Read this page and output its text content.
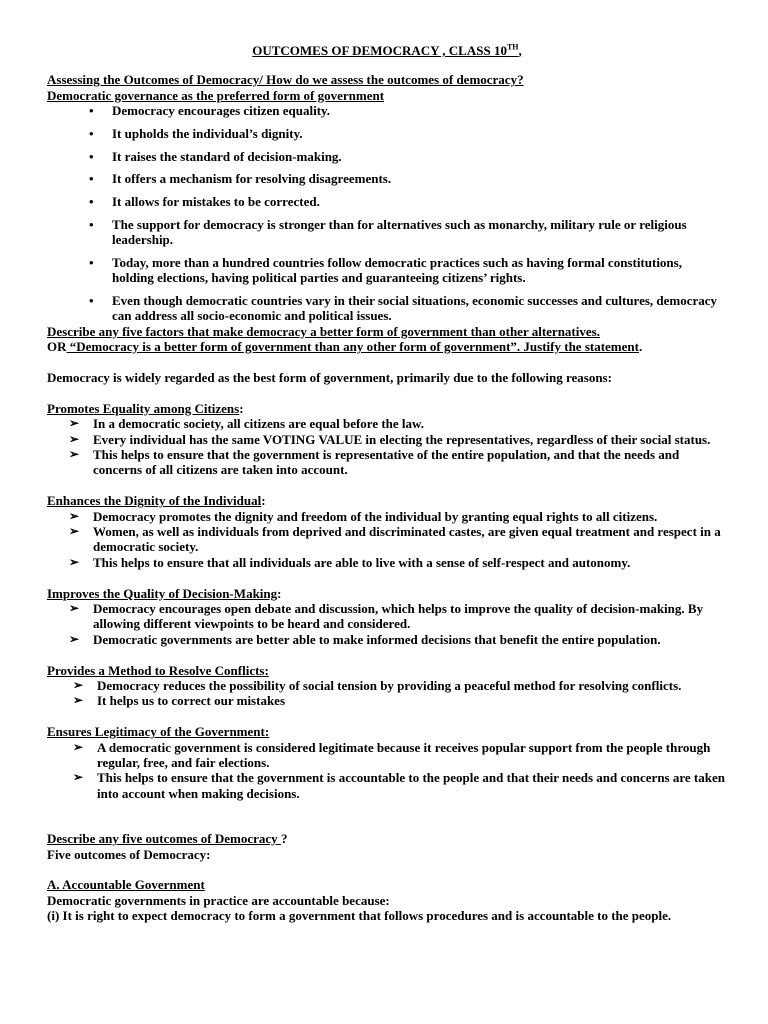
OUTCOMES OF DEMOCRACY , CLASS 10TH,

Assessing the Outcomes of Democracy/ How do we assess the outcomes of democracy?

Democratic governance as the preferred form of government

• Democracy encourages citizen equality.
• It upholds the individual’s dignity.
• It raises the standard of decision-making.
• It offers a mechanism for resolving disagreements.
• It allows for mistakes to be corrected.
• The support for democracy is stronger than for alternatives such as monarchy, military rule or religious leadership.
• Today, more than a hundred countries follow democratic practices such as having formal constitutions, holding elections, having political parties and guaranteeing citizens’ rights.
• Even though democratic countries vary in their social situations, economic successes and cultures, democracy can address all socio-economic and political issues.

Describe any five factors that make democracy a better form of government than other alternatives.

OR “Democracy is a better form of government than any other form of government”. Justify the statement.

Democracy is widely regarded as the best form of government, primarily due to the following reasons:

Promotes Equality among Citizens:

➢ In a democratic society, all citizens are equal before the law.
➢ Every individual has the same VOTING VALUE in electing the representatives, regardless of their social status.
➢ This helps to ensure that the government is representative of the entire population, and that the needs and concerns of all citizens are taken into account.

Enhances the Dignity of the Individual:

➢ Democracy promotes the dignity and freedom of the individual by granting equal rights to all citizens.
➢ Women, as well as individuals from deprived and discriminated castes, are given equal treatment and respect in a democratic society.
➢ This helps to ensure that all individuals are able to live with a sense of self-respect and autonomy.

Improves the Quality of Decision-Making:

➢ Democracy encourages open debate and discussion, which helps to improve the quality of decision-making. By allowing different viewpoints to be heard and considered.
➢ Democratic governments are better able to make informed decisions that benefit the entire population.

Provides a Method to Resolve Conflicts:

➢ Democracy reduces the possibility of social tension by providing a peaceful method for resolving conflicts.
➢ It helps us to correct our mistakes

Ensures Legitimacy of the Government:

➢ A democratic government is considered legitimate because it receives popular support from the people through regular, free, and fair elections.
➢ This helps to ensure that the government is accountable to the people and that their needs and concerns are taken into account when making decisions.

Describe any five outcomes of Democracy ?

Five outcomes of Democracy:

A. Accountable Government

Democratic governments in practice are accountable because:

(i) It is right to expect democracy to form a government that follows procedures and is accountable to the people.
